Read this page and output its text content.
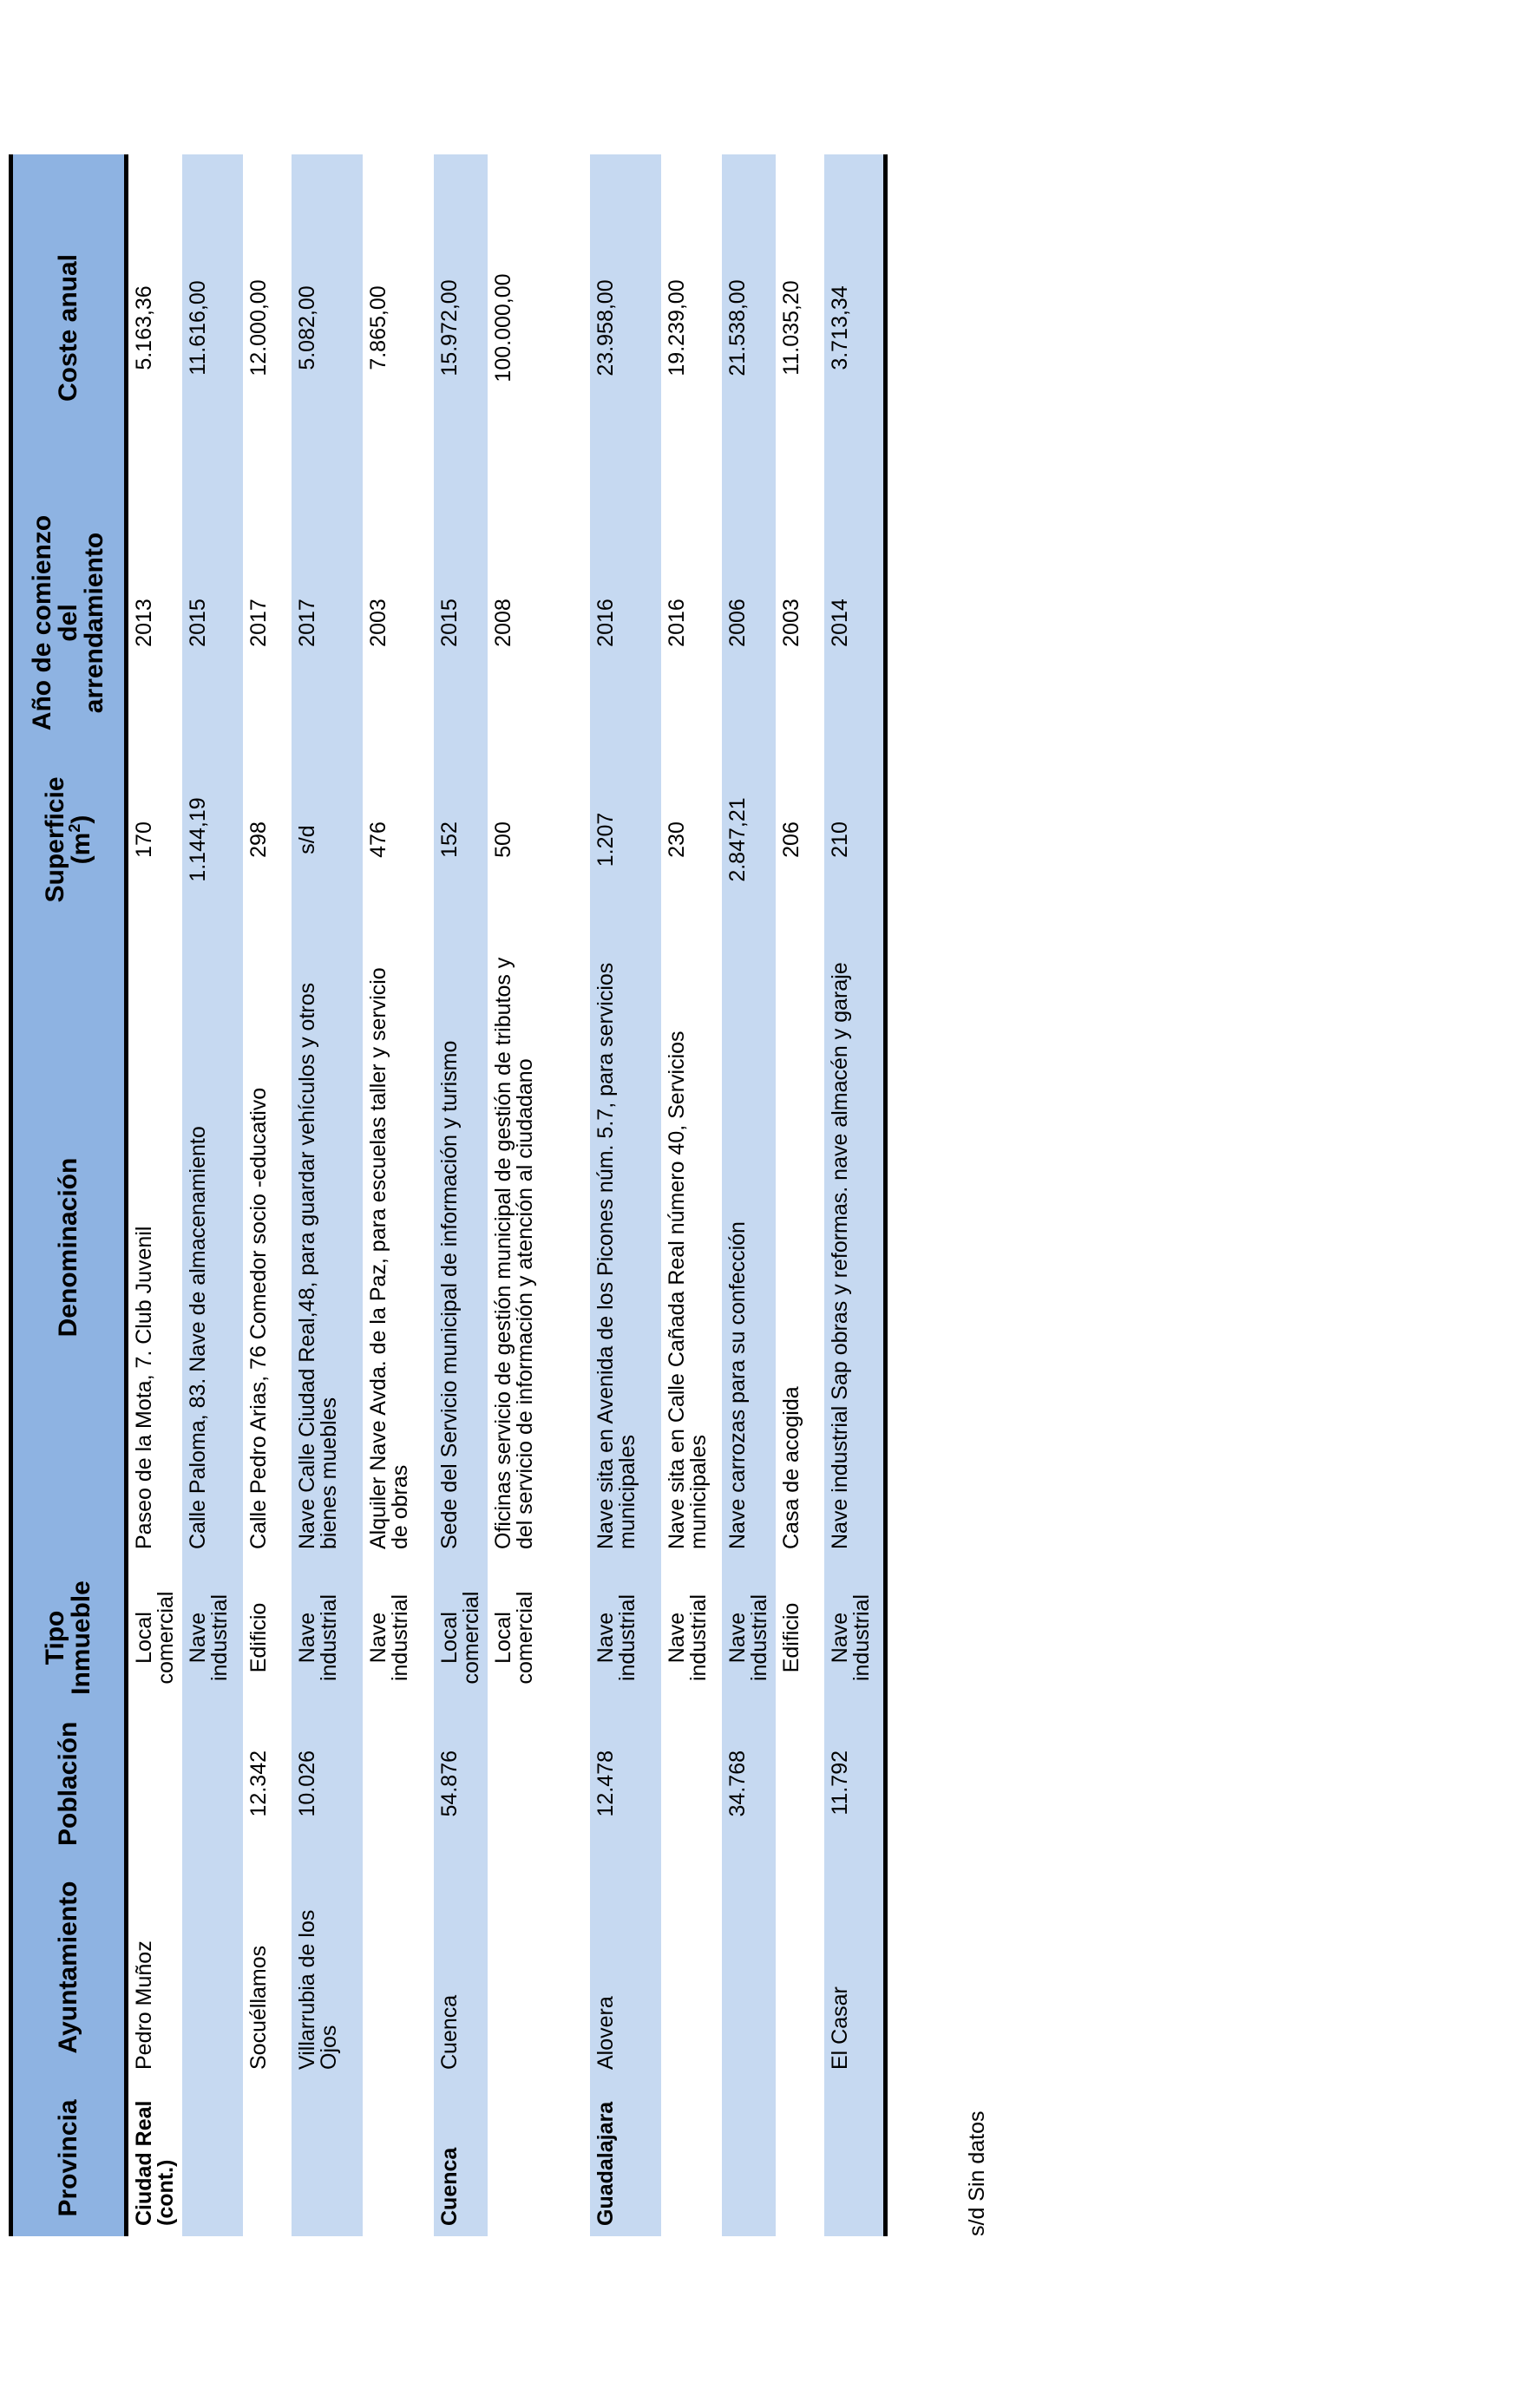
Provincia	Ayuntamiento	Población	Tipo Inmueble	Denominación	Superficie $(m^2)$	Año de comienzo del arrendamiento	Coste anual
Ciudad Real (cont.)	Pedro Muñoz		Local comercial	Paseo de la Mota, 7. Club Juvenil	170	2013	5.163,36
			Nave industrial	Calle Paloma, 83. Nave de almacenamiento	1.144,19	2015	11.616,00
	Socuéllamos	12.342	Edificio	Calle Pedro Arias, 76 Comedor socio -educativo	298	2017	12.000,00
	Villarrubia de los Ojos	10.026	Nave industrial	Nave Calle Ciudad Real,48, para guardar vehículos y otros bienes muebles	s/d	2017	5.082,00
			Nave industrial	Alquiler Nave Avda. de la Paz, para escuelas taller y servicio de obras	476	2003	7.865,00
Cuenca	Cuenca	54.876	Local comercial	Sede del Servicio municipal de información y turismo	152	2015	15.972,00
			Local comercial	Oficinas servicio de gestión municipal de gestión de tributos y del servicio de información y atención al ciudadano	500	2008	100.000,00
Guadalajara	Alovera	12.478	Nave industrial	Nave sita en Avenida de los Picones núm. 5.7, para servicios municipales	1.207	2016	23.958,00
			Nave industrial	Nave sita en Calle Cañada Real número 40, Servicios municipales	230	2016	19.239,00
		34.768	Nave industrial	Nave carrozas para su confección	2.847,21	2006	21.538,00
			Edificio	Casa de acogida	206	2003	11.035,20
	El Casar	11.792	Nave industrial	Nave industrial Sap obras y reformas. nave almacén y garaje	210	2014	3.713,34
s/d Sin datos
